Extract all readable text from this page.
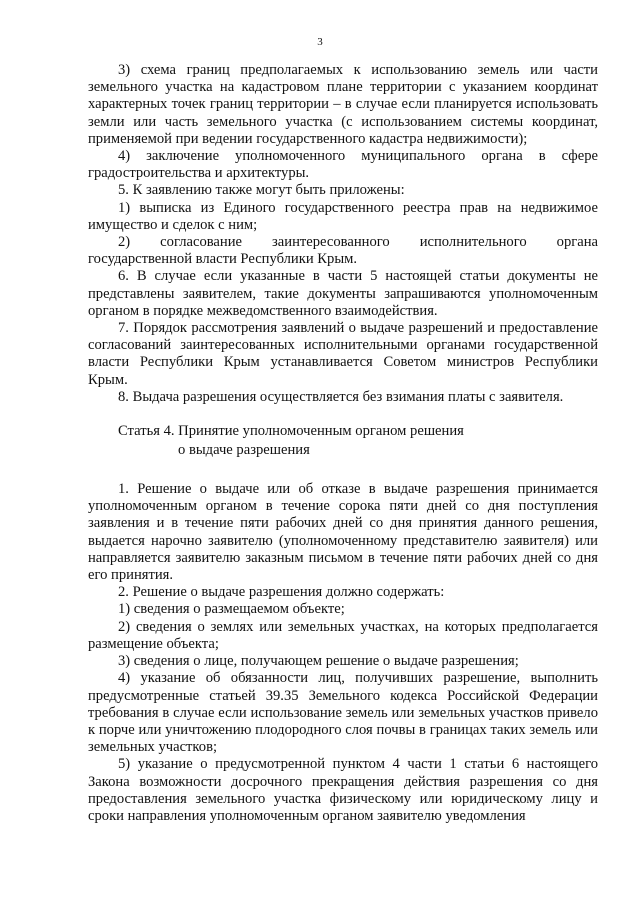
3

3) схема границ предполагаемых к использованию земель или части земельного участка на кадастровом плане территории с указанием координат характерных точек границ территории – в случае если планируется использовать земли или часть земельного участка (с использованием системы координат, применяемой при ведении государственного кадастра недвижимости);

4) заключение уполномоченного муниципального органа в сфере градостроительства и архитектуры.

5. К заявлению также могут быть приложены:

1) выписка из Единого государственного реестра прав на недвижимое имущество и сделок с ним;

2) согласование заинтересованного исполнительного органа государственной власти Республики Крым.

6. В случае если указанные в части 5 настоящей статьи документы не представлены заявителем, такие документы запрашиваются уполномоченным органом в порядке межведомственного взаимодействия.

7. Порядок рассмотрения заявлений о выдаче разрешений и предоставление согласований заинтересованных исполнительными органами государственной власти Республики Крым устанавливается Советом министров Республики Крым.

8. Выдача разрешения осуществляется без взимания платы с заявителя.

Статья 4. Принятие уполномоченным органом решения
о выдаче разрешения

1. Решение о выдаче или об отказе в выдаче разрешения принимается уполномоченным органом в течение сорока пяти дней со дня поступления заявления и в течение пяти рабочих дней со дня принятия данного решения, выдается нарочно заявителю (уполномоченному представителю заявителя) или направляется заявителю заказным письмом в течение пяти рабочих дней со дня его принятия.

2. Решение о выдаче разрешения должно содержать:

1) сведения о размещаемом объекте;

2) сведения о землях или земельных участках, на которых предполагается размещение объекта;

3) сведения о лице, получающем решение о выдаче разрешения;

4) указание об обязанности лиц, получивших разрешение, выполнить предусмотренные статьей 39.35 Земельного кодекса Российской Федерации требования в случае если использование земель или земельных участков привело к порче или уничтожению плодородного слоя почвы в границах таких земель или земельных участков;

5) указание о предусмотренной пунктом 4 части 1 статьи 6 настоящего Закона возможности досрочного прекращения действия разрешения со дня предоставления земельного участка физическому или юридическому лицу и сроки направления уполномоченным органом заявителю уведомления
